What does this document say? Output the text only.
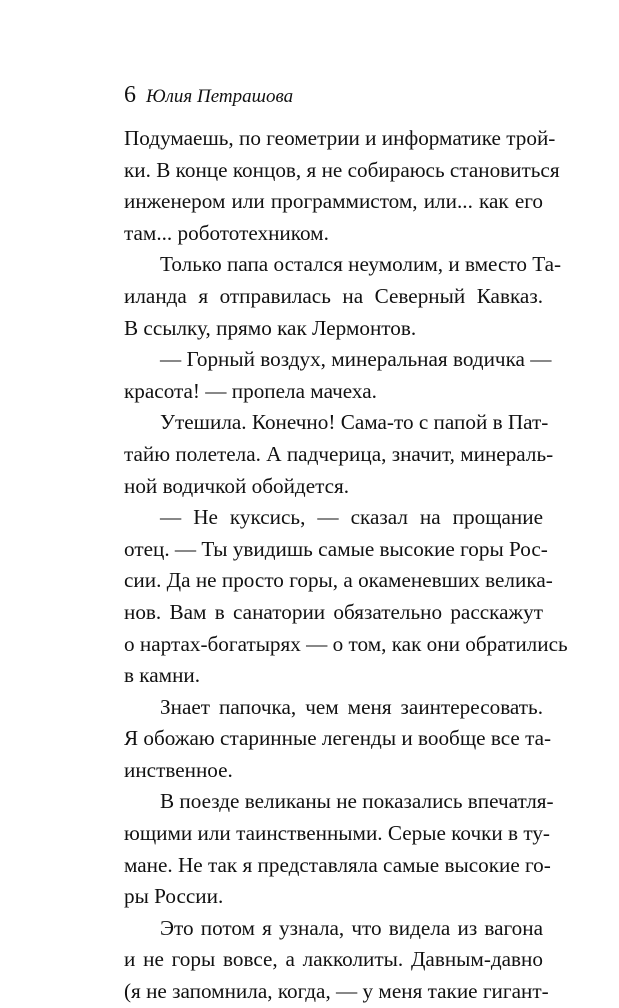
6 Юлия Петрашова
Подумаешь, по геометрии и информатике трой-
ки. В конце концов, я не собираюсь становиться
инженером или программистом, или... как его
там... робототехником.
Только папа остался неумолим, и вместо Та-
иланда я отправилась на Северный Кавказ.
В ссылку, прямо как Лермонтов.
— Горный воздух, минеральная водичка —
красота! — пропела мачеха.
Утешила. Конечно! Сама-то с папой в Пат-
тайю полетела. А падчерица, значит, минераль-
ной водичкой обойдется.
— Не куксись, — сказал на прощание
отец. — Ты увидишь самые высокие горы Рос-
сии. Да не просто горы, а окаменевших велика-
нов. Вам в санатории обязательно расскажут
о нартах-богатырях — о том, как они обратились
в камни.
Знает папочка, чем меня заинтересовать.
Я обожаю старинные легенды и вообще все та-
инственное.
В поезде великаны не показались впечатля-
ющими или таинственными. Серые кочки в ту-
мане. Не так я представляла самые высокие го-
ры России.
Это потом я узнала, что видела из вагона
и не горы вовсе, а лакколиты. Давным-давно
(я не запомнила, когда, — у меня такие гигант-
